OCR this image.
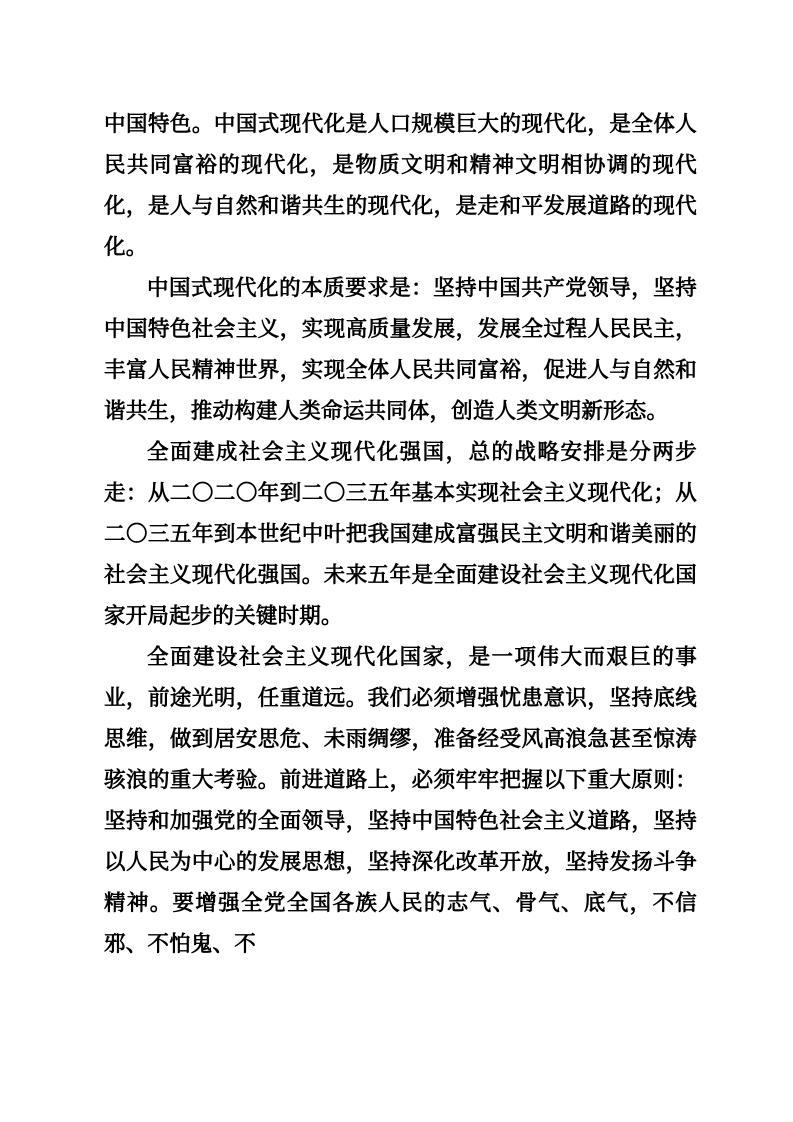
中国特色。中国式现代化是人口规模巨大的现代化，是全体人民共同富裕的现代化，是物质文明和精神文明相协调的现代化，是人与自然和谐共生的现代化，是走和平发展道路的现代化。

中国式现代化的本质要求是：坚持中国共产党领导，坚持中国特色社会主义，实现高质量发展，发展全过程人民民主，丰富人民精神世界，实现全体人民共同富裕，促进人与自然和谐共生，推动构建人类命运共同体，创造人类文明新形态。

全面建成社会主义现代化强国，总的战略安排是分两步走：从二〇二〇年到二〇三五年基本实现社会主义现代化；从二〇三五年到本世纪中叶把我国建成富强民主文明和谐美丽的社会主义现代化强国。未来五年是全面建设社会主义现代化国家开局起步的关键时期。

全面建设社会主义现代化国家，是一项伟大而艰巨的事业，前途光明，任重道远。我们必须增强忧患意识，坚持底线思维，做到居安思危、未雨绸缪，准备经受风高浪急甚至惊涛骇浪的重大考验。前进道路上，必须牢牢把握以下重大原则：坚持和加强党的全面领导，坚持中国特色社会主义道路，坚持以人民为中心的发展思想，坚持深化改革开放，坚持发扬斗争精神。要增强全党全国各族人民的志气、骨气、底气，不信邪、不怕鬼、不
